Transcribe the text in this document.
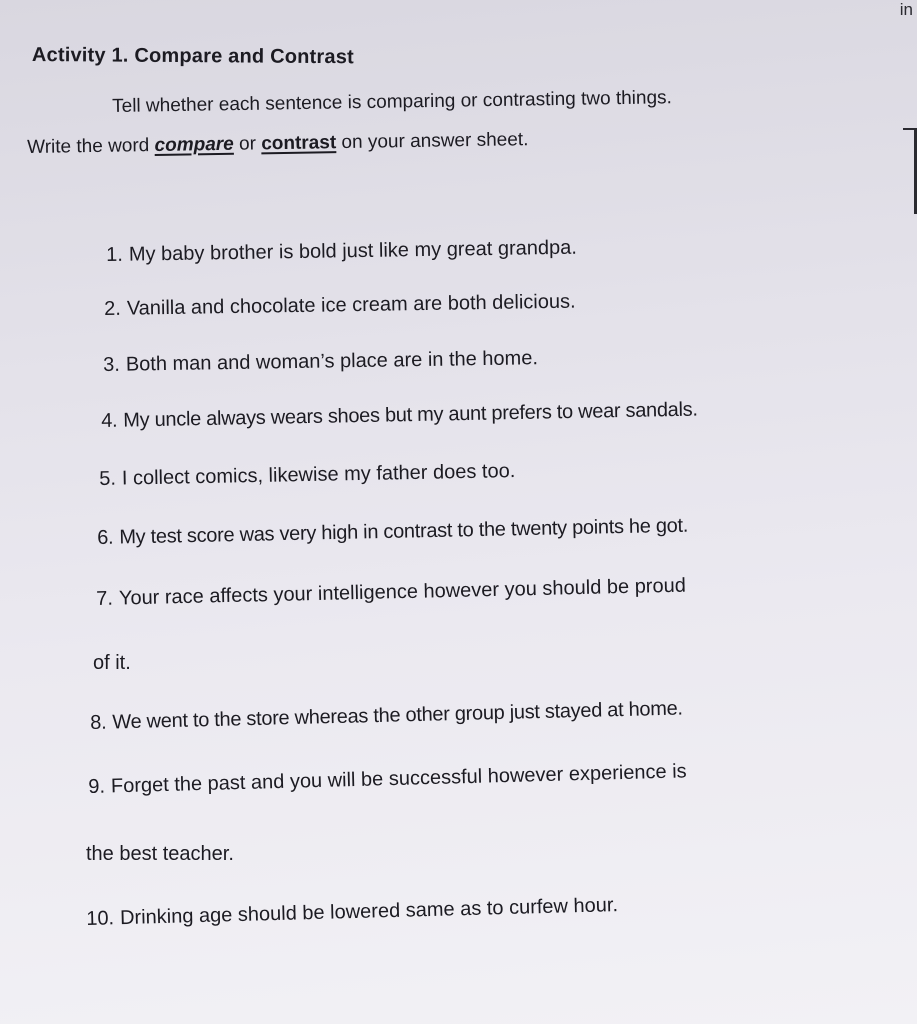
in
Activity 1. Compare and Contrast
Tell whether each sentence is comparing or contrasting two things.
Write the word compare or contrast on your answer sheet.
1. My baby brother is bold just like my great grandpa.
2. Vanilla and chocolate ice cream are both delicious.
3. Both man and woman’s place are in the home.
4. My uncle always wears shoes but my aunt prefers to wear sandals.
5. I collect comics, likewise my father does too.
6. My test score was very high in contrast to the twenty points he got.
7. Your race affects your intelligence however you should be proud
of it.
8. We went to the store whereas the other group just stayed at home.
9. Forget the past and you will be successful however experience is
the best teacher.
10. Drinking age should be lowered same as to curfew hour.
